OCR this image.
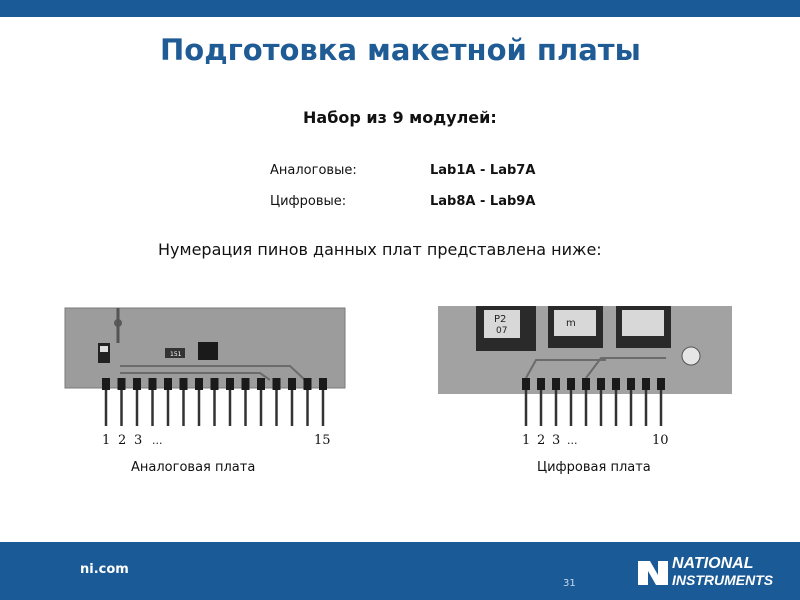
Подготовка макетной платы
Набор из 9 модулей:
Аналоговые:	Lab1A - Lab7A
Цифровые:	Lab8A - Lab9A
Нумерация пинов данных плат представлена ниже:
151
1 2 3 ...	15
P2
07
m
1 2 3 ...	10
Аналоговая плата	Цифровая плата
ni.com
31
NATIONAL
INSTRUMENTS
